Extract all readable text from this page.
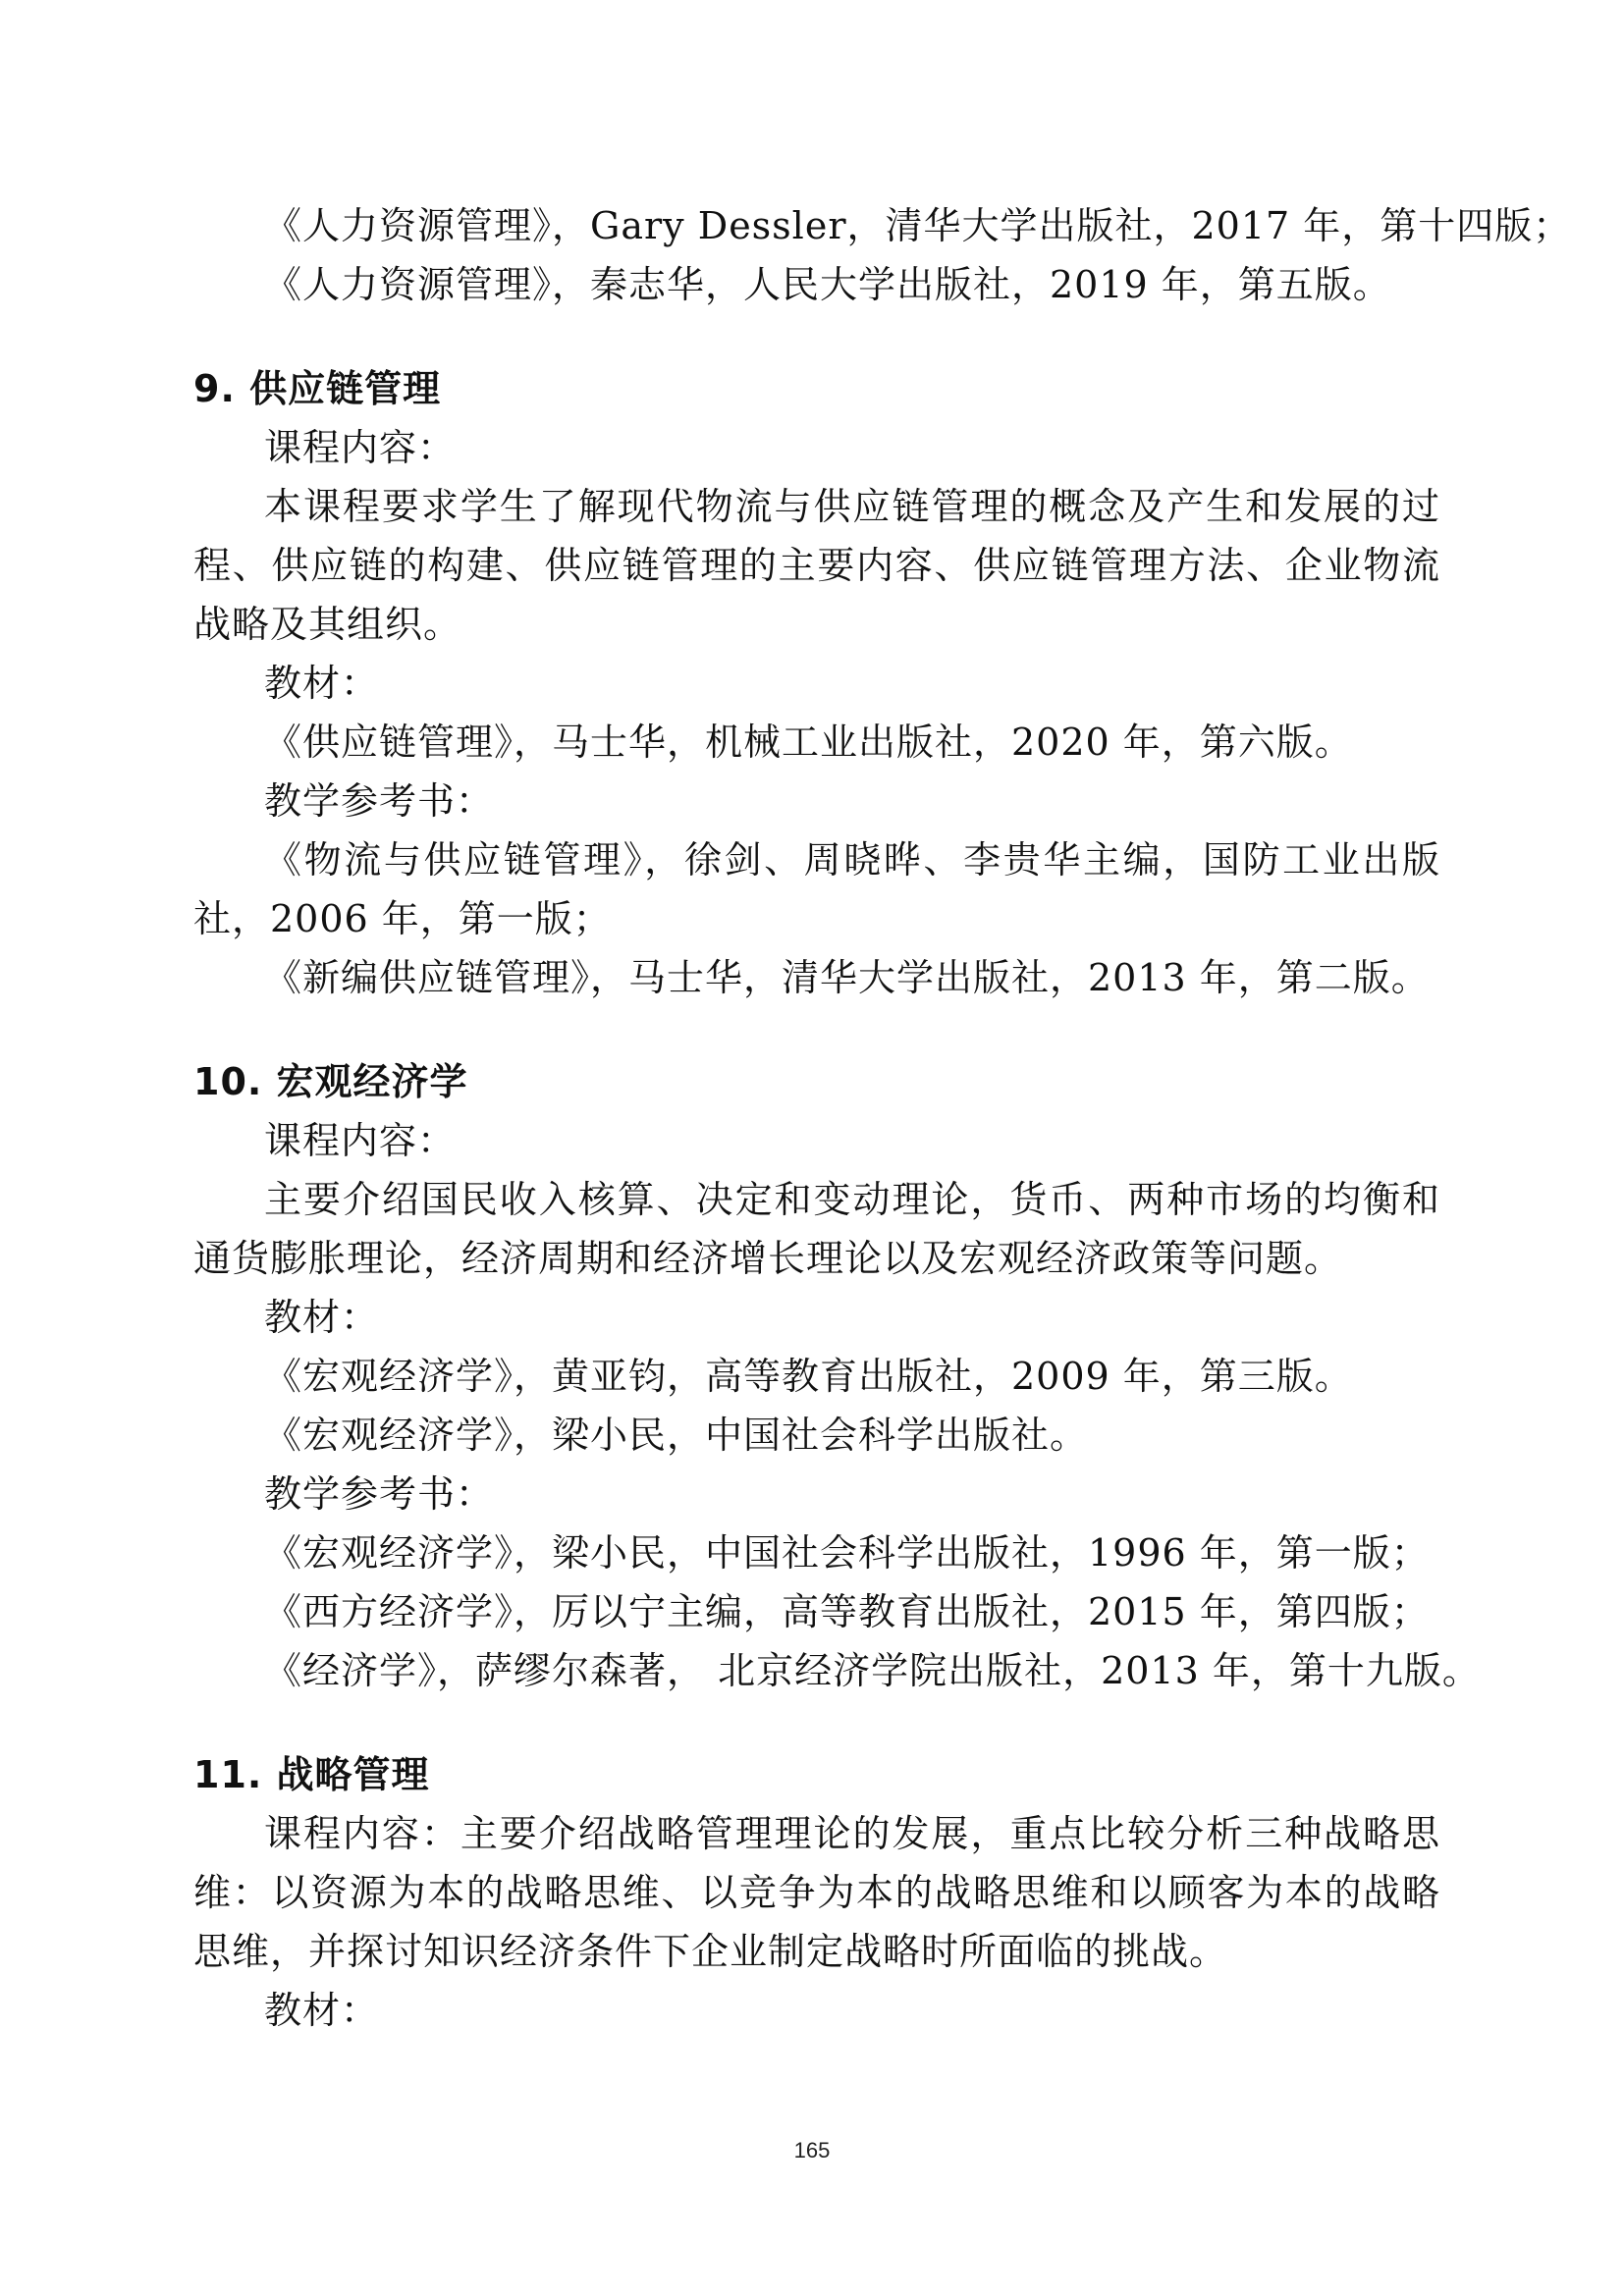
《人力资源管理》，Gary Dessler，清华大学出版社，2017 年，第十四版；
《人力资源管理》，秦志华，人民大学出版社，2019 年，第五版。
9. 供应链管理
课程内容：
本课程要求学生了解现代物流与供应链管理的概念及产生和发展的过程、供应链的构建、供应链管理的主要内容、供应链管理方法、企业物流战略及其组织。
教材：
《供应链管理》，马士华，机械工业出版社，2020 年，第六版。
教学参考书：
《物流与供应链管理》，徐剑、周晓晔、李贵华主编，国防工业出版社，2006 年，第一版；
《新编供应链管理》，马士华，清华大学出版社，2013 年，第二版。
10. 宏观经济学
课程内容：
主要介绍国民收入核算、决定和变动理论，货币、两种市场的均衡和通货膨胀理论，经济周期和经济增长理论以及宏观经济政策等问题。
教材：
《宏观经济学》，黄亚钧，高等教育出版社，2009 年，第三版。
《宏观经济学》，梁小民，中国社会科学出版社。
教学参考书：
《宏观经济学》，梁小民，中国社会科学出版社，1996 年，第一版；
《西方经济学》，厉以宁主编，高等教育出版社，2015 年，第四版；
《经济学》，萨缪尔森著， 北京经济学院出版社，2013 年，第十九版。
11. 战略管理
课程内容：主要介绍战略管理理论的发展，重点比较分析三种战略思维：以资源为本的战略思维、以竞争为本的战略思维和以顾客为本的战略思维，并探讨知识经济条件下企业制定战略时所面临的挑战。
教材：
165
